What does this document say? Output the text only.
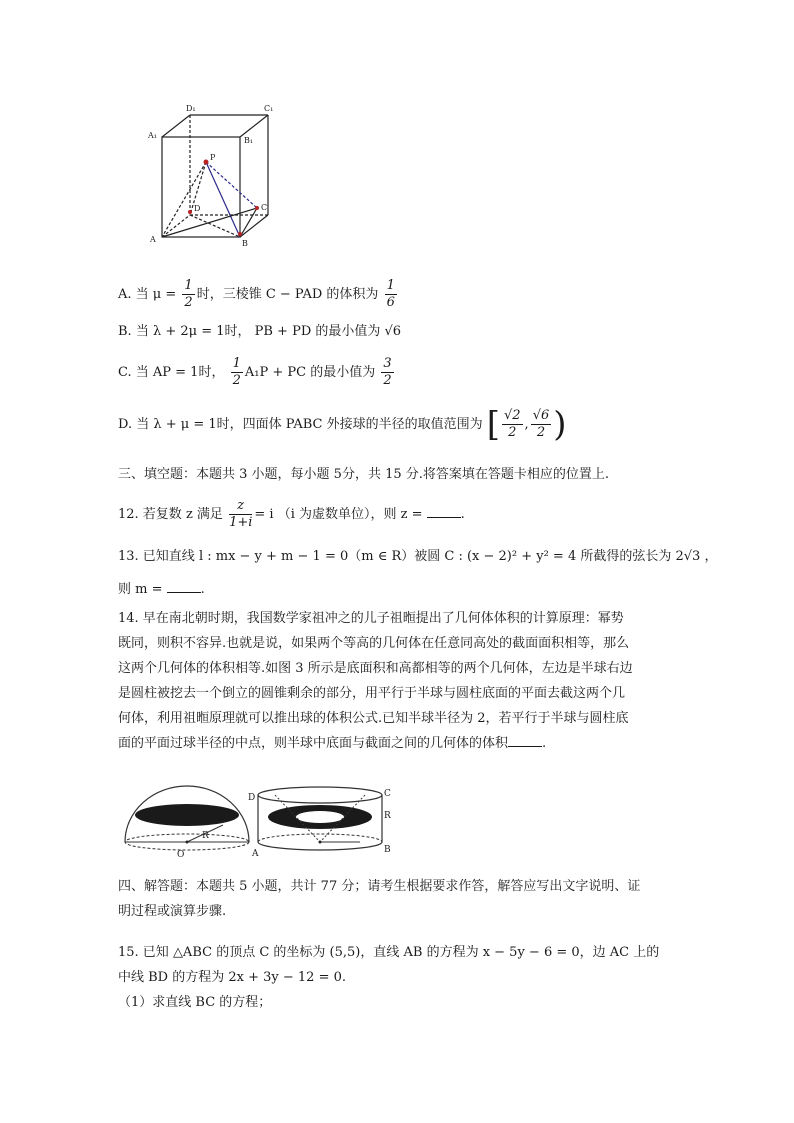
D₁	C₁
A₁
B₁
P
D	C
A	B
A. 当 $\mu = \frac{1}{2}$ 时，三棱锥 C − PAD 的体积为 $\frac{1}{6}$
B. 当 λ + 2μ = 1时， PB + PD 的最小值为 √6
C. 当 AP = 1时， $\frac{1}{2} A_1P$ + PC 的最小值为 $\frac{3}{2}$
D. 当 λ + μ = 1时，四面体 PABC 外接球的半径的取值范围为 [ $\frac{√2}{2}$ , $\frac{√6}{2}$ )
三、填空题：本题共 3 小题，每小题 5分，共 15 分.将答案填在答题卡相应的位置上.
12. 若复数 z 满足 $\frac{z}{1+i} = i$ （i 为虚数单位），则 z =	.
13. 已知直线 l : mx − y + m − 1 = 0（m ∈ R）被圆 C : (x − 2)² + y² = 4 所截得的弦长为 2√3 ，
则 m =	.
14. 早在南北朝时期，我国数学家祖冲之的儿子祖暅提出了几何体体积的计算原理：幂势
既同，则积不容异.也就是说，如果两个等高的几何体在任意同高处的截面面积相等，那么
这两个几何体的体积相等.如图 3 所示是底面积和高都相等的两个几何体，左边是半球右边
是圆柱被挖去一个倒立的圆锥剩余的部分，用平行于半球与圆柱底面的平面去截这两个几
何体，利用祖暅原理就可以推出球的体积公式.已知半球半径为 2，若平行于半球与圆柱底
面的平面过球半径的中点，则半球中底面与截面之间的几何体的体积	.
O
R
D	C
R
A	B
四、解答题：本题共 5 小题，共计 77 分；请考生根据要求作答，解答应写出文字说明、证
明过程或演算步骤.
15. 已知 △ABC 的顶点 C 的坐标为 (5,5)，直线 AB 的方程为 x − 5y − 6 = 0，边 AC 上的
中线 BD 的方程为 2x + 3y − 12 = 0.
（1）求直线 BC 的方程；
